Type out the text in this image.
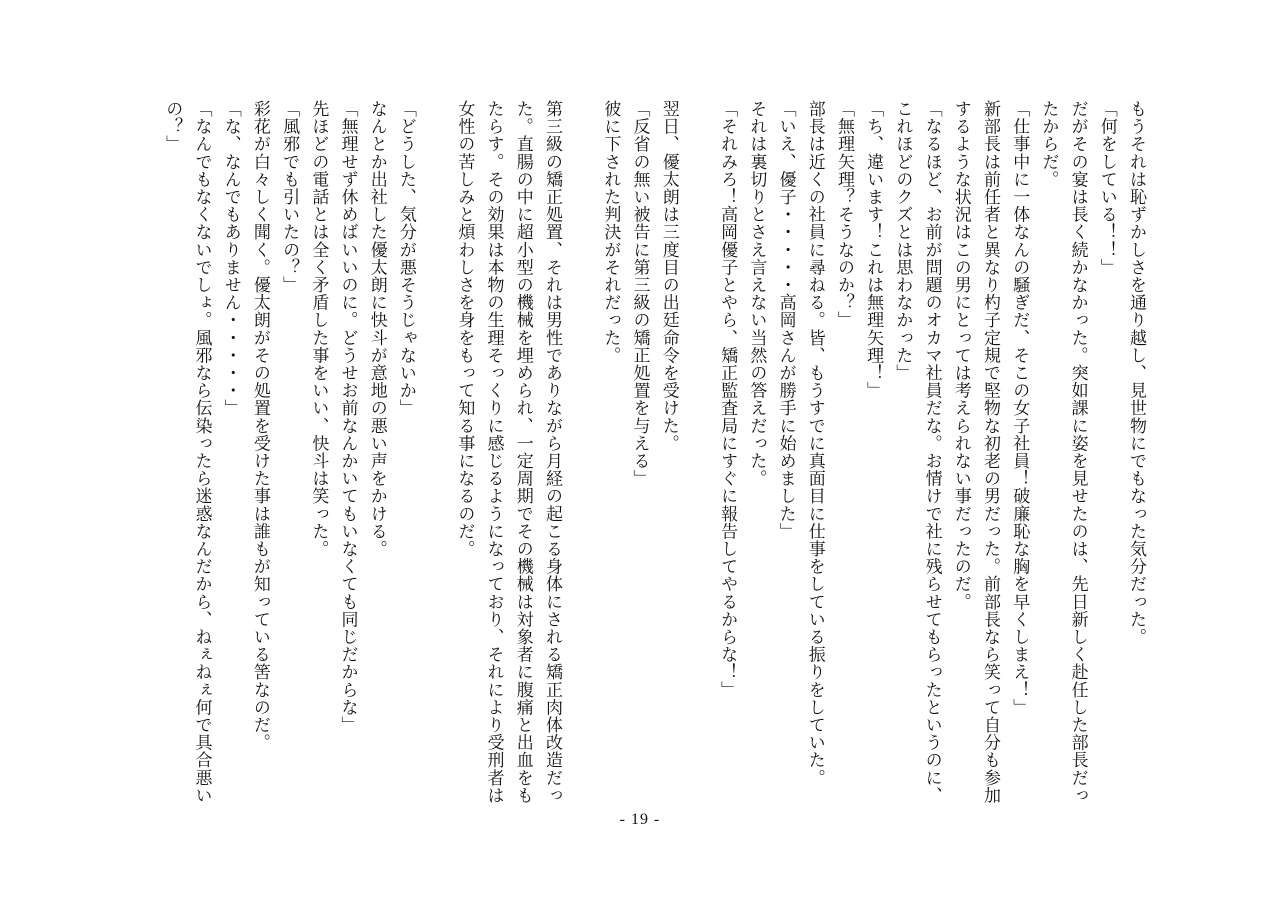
もうそれは恥ずかしさを通り越し、見世物にでもなった気分だった。
「何をしている！！」
だがその宴は長く続かなかった。突如課に姿を見せたのは、先日新しく赴任した部長だっ
たからだ。
「仕事中に一体なんの騒ぎだ、そこの女子社員！破廉恥な胸を早くしまえ！」
新部長は前任者と異なり杓子定規で堅物な初老の男だった。前部長なら笑って自分も参加
するような状況はこの男にとっては考えられない事だったのだ。
「なるほど、お前が問題のオカマ社員だな。お情けで社に残らせてもらったというのに、
これほどのクズとは思わなかった」
「ち、違います！これは無理矢理！」
「無理矢理？そうなのか？」
部長は近くの社員に尋ねる。皆、もうすでに真面目に仕事をしている振りをしていた。
「いえ、優子・・・・・高岡さんが勝手に始めました」
それは裏切りとさえ言えない当然の答えだった。
「それみろ！高岡優子とやら、矯正監査局にすぐに報告してやるからな！」

翌日、優太朗は三度目の出廷命令を受けた。
「反省の無い被告に第三級の矯正処置を与える」
彼に下された判決がそれだった。

第三級の矯正処置、それは男性でありながら月経の起こる身体にされる矯正肉体改造だっ
た。直腸の中に超小型の機械を埋められ、一定周期でその機械は対象者に腹痛と出血をも
たらす。その効果は本物の生理そっくりに感じるようになっており、それにより受刑者は
女性の苦しみと煩わしさを身をもって知る事になるのだ。

「どうした、気分が悪そうじゃないか」
なんとか出社した優太朗に快斗が意地の悪い声をかける。
「無理せず休めばいいのに。どうせお前なんかいてもいなくても同じだからな」
先ほどの電話とは全く矛盾した事をいい、快斗は笑った。
「風邪でも引いたの？」
彩花が白々しく聞く。優太朗がその処置を受けた事は誰もが知っている筈なのだ。
「な、なんでもありません・・・・・」
「なんでもなくないでしょ。風邪なら伝染ったら迷惑なんだから、ねぇねぇ何で具合悪い
の？」
- 19 -
